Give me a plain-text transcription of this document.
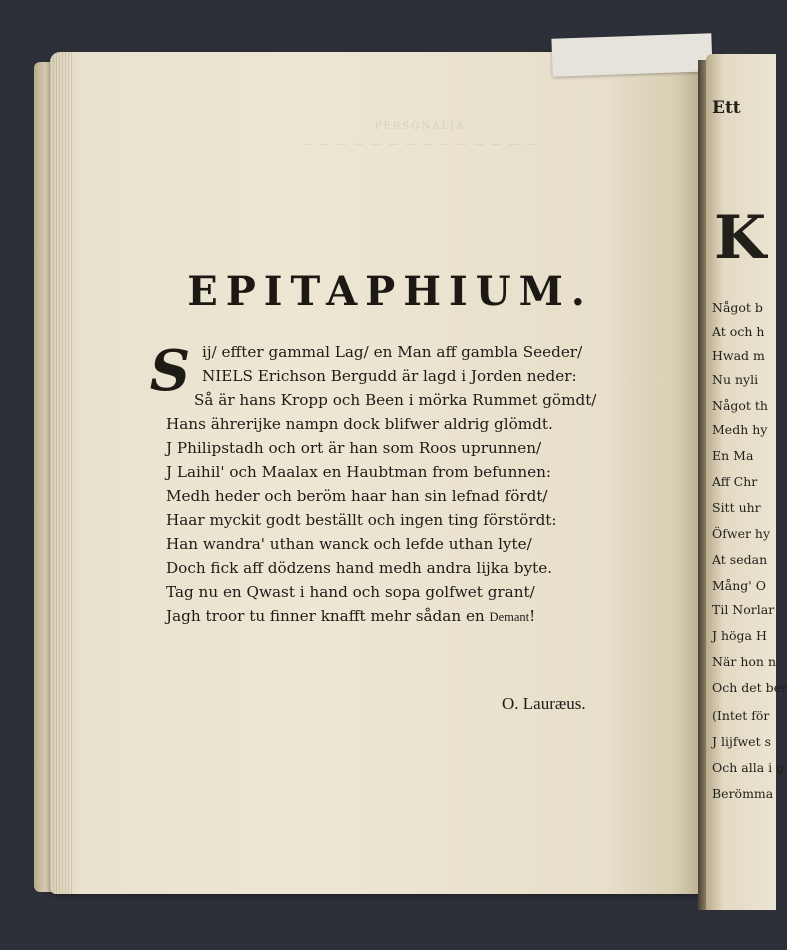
PERSONALIA
— — — — — — — — — — — — — —
EPITAPHIUM.
S ij/ effter gammal Lag/ en Man aff gambla Seeder/
NIELS Erichson Bergudd är lagd i Jorden neder:
Så är hans Kropp och Been i mörka Rummet gömdt/
Hans ährerijke nampn dock blifwer aldrig glömdt.
J Philipstadh och ort är han som Roos uprunnen/
J Laihil' och Maalax en Haubtman from befunnen:
Medh heder och beröm haar han sin lefnad fördt/
Haar myckit godt beställt och ingen ting förstördt:
Han wandra' uthan wanck och lefde uthan lyte/
Doch fick aff dödzens hand medh andra lijka byte.
Tag nu en Qwast i hand och sopa golfwet grant/
Jagh troor tu finner knafft mehr sådan en Demant!
O. Lauræus.
Ett
K
Något b
At och h
Hwad m
Nu nyli
Något th
Medh hy
En Ma
Aff Chr
Sitt uhr
Öfwer hy
At sedan
Mång' O
Til Norlar
J höga H
När hon n
Och det ber
(Intet för
J lijfwet s
Och alla i g
Berömma
